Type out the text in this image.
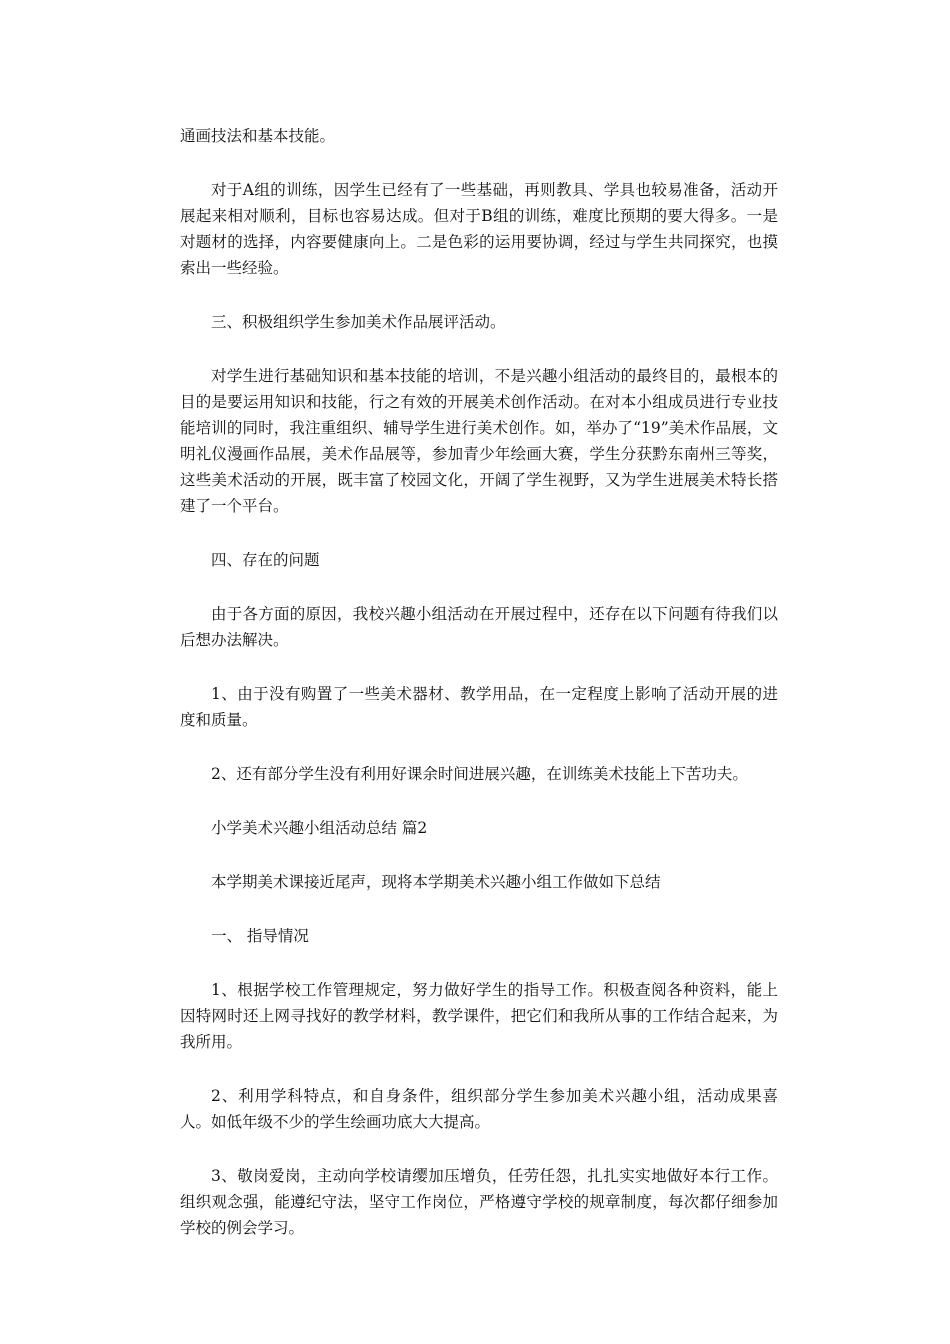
通画技法和基本技能。

对于A组的训练，因学生已经有了一些基础，再则教具、学具也较易准备，活动开展起来相对顺利，目标也容易达成。但对于B组的训练，难度比预期的要大得多。一是对题材的选择，内容要健康向上。二是色彩的运用要协调，经过与学生共同探究，也摸索出一些经验。

三、积极组织学生参加美术作品展评活动。

对学生进行基础知识和基本技能的培训，不是兴趣小组活动的最终目的，最根本的目的是要运用知识和技能，行之有效的开展美术创作活动。在对本小组成员进行专业技能培训的同时，我注重组织、辅导学生进行美术创作。如，举办了“19”美术作品展，文明礼仪漫画作品展，美术作品展等，参加青少年绘画大赛，学生分获黔东南州三等奖，这些美术活动的开展，既丰富了校园文化，开阔了学生视野，又为学生进展美术特长搭建了一个平台。

四、存在的问题

由于各方面的原因，我校兴趣小组活动在开展过程中，还存在以下问题有待我们以后想办法解决。

1、由于没有购置了一些美术器材、教学用品，在一定程度上影响了活动开展的进度和质量。

2、还有部分学生没有利用好课余时间进展兴趣，在训练美术技能上下苦功夫。

小学美术兴趣小组活动总结 篇2

本学期美术课接近尾声，现将本学期美术兴趣小组工作做如下总结

一、 指导情况

1、根据学校工作管理规定，努力做好学生的指导工作。积极查阅各种资料，能上因特网时还上网寻找好的教学材料，教学课件，把它们和我所从事的工作结合起来，为我所用。

2、利用学科特点，和自身条件，组织部分学生参加美术兴趣小组，活动成果喜人。如低年级不少的学生绘画功底大大提高。

3、敬岗爱岗，主动向学校请缨加压增负，任劳任怨，扎扎实实地做好本行工作。组织观念强，能遵纪守法，坚守工作岗位，严格遵守学校的规章制度，每次都仔细参加学校的例会学习。
